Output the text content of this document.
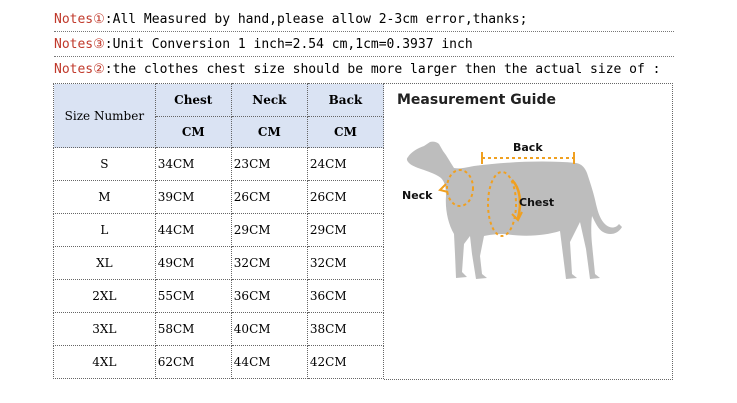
Notes①:All Measured by hand,please allow 2-3cm error,thanks;
Notes③:Unit Conversion 1 inch=2.54 cm,1cm=0.3937 inch
Notes②:the clothes chest size should be more larger then the actual size of :
Size Number	Chest	Neck	Back
	CM	CM	CM
S	34CM	23CM	24CM
M	39CM	26CM	26CM
L	44CM	29CM	29CM
XL	49CM	32CM	32CM
2XL	55CM	36CM	36CM
3XL	58CM	40CM	38CM
4XL	62CM	44CM	42CM
Measurement Guide
Back
Neck
Chest
